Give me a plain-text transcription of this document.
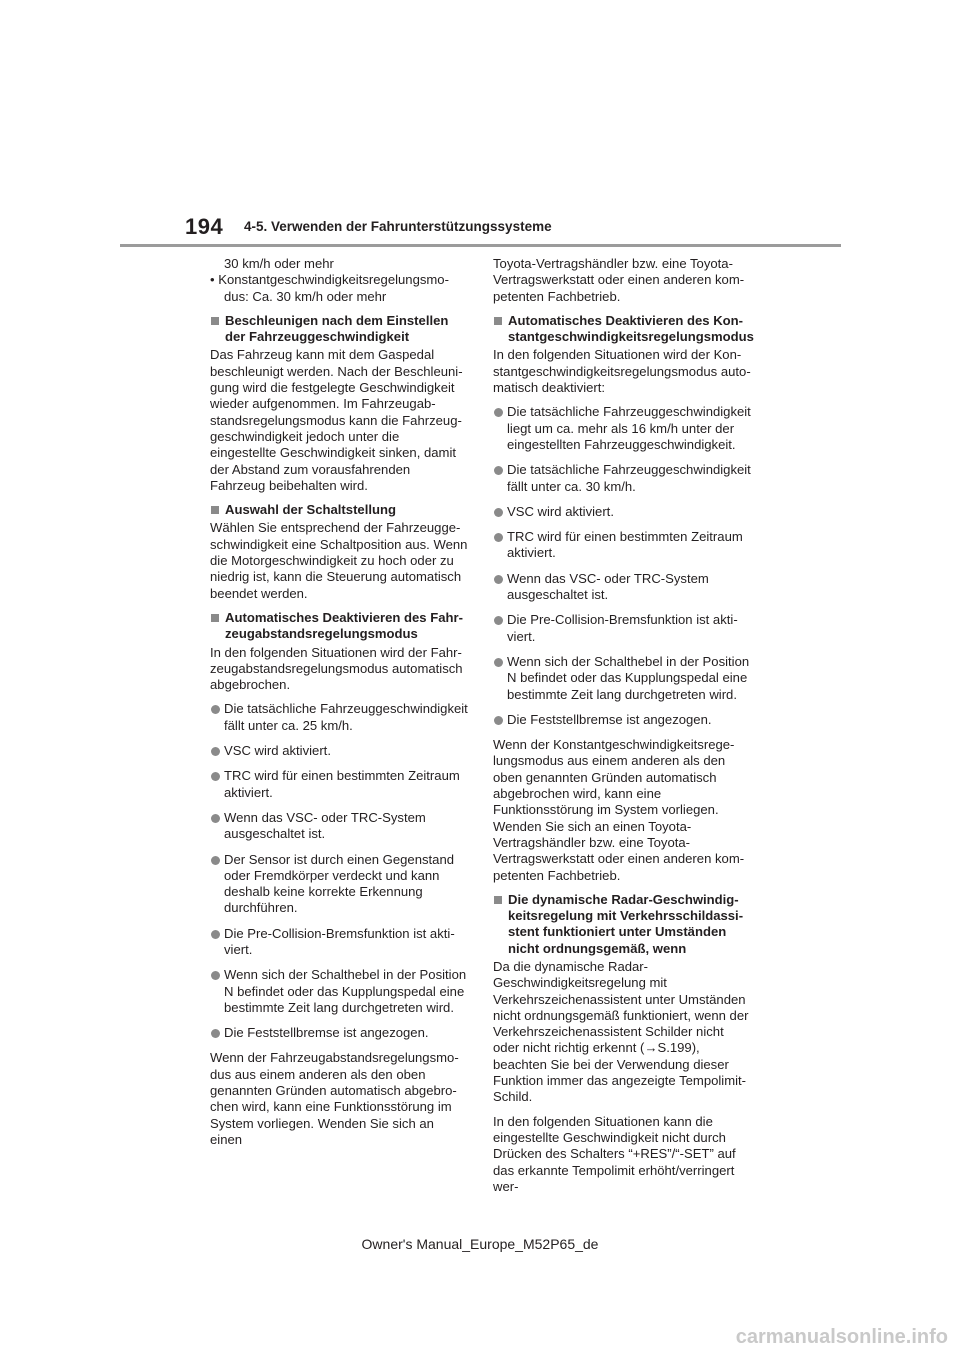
194 4-5. Verwenden der Fahrunterstützungssysteme

30 km/h oder mehr

• Konstantgeschwindigkeitsregelungsmodus: Ca. 30 km/h oder mehr

Beschleunigen nach dem Einstellen der Fahrzeuggeschwindigkeit

Das Fahrzeug kann mit dem Gaspedal beschleunigt werden. Nach der Beschleunigung wird die festgelegte Geschwindigkeit wieder aufgenommen. Im Fahrzeugabstandsregelungsmodus kann die Fahrzeuggeschwindigkeit jedoch unter die eingestellte Geschwindigkeit sinken, damit der Abstand zum vorausfahrenden Fahrzeug beibehalten wird.

Auswahl der Schaltstellung

Wählen Sie entsprechend der Fahrzeuggeschwindigkeit eine Schaltposition aus. Wenn die Motorgeschwindigkeit zu hoch oder zu niedrig ist, kann die Steuerung automatisch beendet werden.

Automatisches Deaktivieren des Fahrzeugabstandsregelungsmodus

In den folgenden Situationen wird der Fahrzeugabstandsregelungsmodus automatisch abgebrochen.

Die tatsächliche Fahrzeuggeschwindigkeit fällt unter ca. 25 km/h.
VSC wird aktiviert.
TRC wird für einen bestimmten Zeitraum aktiviert.
Wenn das VSC- oder TRC-System ausgeschaltet ist.
Der Sensor ist durch einen Gegenstand oder Fremdkörper verdeckt und kann deshalb keine korrekte Erkennung durchführen.
Die Pre-Collision-Bremsfunktion ist aktiviert.
Wenn sich der Schalthebel in der Position N befindet oder das Kupplungspedal eine bestimmte Zeit lang durchgetreten wird.
Die Feststellbremse ist angezogen.

Wenn der Fahrzeugabstandsregelungsmodus aus einem anderen als den oben genannten Gründen automatisch abgebrochen wird, kann eine Funktionsstörung im System vorliegen. Wenden Sie sich an einen

Toyota-Vertragshändler bzw. eine Toyota-Vertragswerkstatt oder einen anderen kompetenten Fachbetrieb.

Automatisches Deaktivieren des Konstantgeschwindigkeitsregelungsmodus

In den folgenden Situationen wird der Konstantgeschwindigkeitsregelungsmodus automatisch deaktiviert:

Die tatsächliche Fahrzeuggeschwindigkeit liegt um ca. mehr als 16 km/h unter der eingestellten Fahrzeuggeschwindigkeit.
Die tatsächliche Fahrzeuggeschwindigkeit fällt unter ca. 30 km/h.
VSC wird aktiviert.
TRC wird für einen bestimmten Zeitraum aktiviert.
Wenn das VSC- oder TRC-System ausgeschaltet ist.
Die Pre-Collision-Bremsfunktion ist aktiviert.
Wenn sich der Schalthebel in der Position N befindet oder das Kupplungspedal eine bestimmte Zeit lang durchgetreten wird.
Die Feststellbremse ist angezogen.

Wenn der Konstantgeschwindigkeitsregelungsmodus aus einem anderen als den oben genannten Gründen automatisch abgebrochen wird, kann eine Funktionsstörung im System vorliegen. Wenden Sie sich an einen Toyota-Vertragshändler bzw. eine Toyota-Vertragswerkstatt oder einen anderen kompetenten Fachbetrieb.

Die dynamische Radar-Geschwindigkeitsregelung mit Verkehrsschildassistent funktioniert unter Umständen nicht ordnungsgemäß, wenn

Da die dynamische Radar-Geschwindigkeitsregelung mit Verkehrszeichenassistent unter Umständen nicht ordnungsgemäß funktioniert, wenn der Verkehrszeichenassistent Schilder nicht oder nicht richtig erkennt (→S.199), beachten Sie bei der Verwendung dieser Funktion immer das angezeigte Tempolimit-Schild.

In den folgenden Situationen kann die eingestellte Geschwindigkeit nicht durch Drücken des Schalters “+RES”/“-SET” auf das erkannte Tempolimit erhöht/verringert wer-

Owner's Manual_Europe_M52P65_de
carmanualsonline.info
